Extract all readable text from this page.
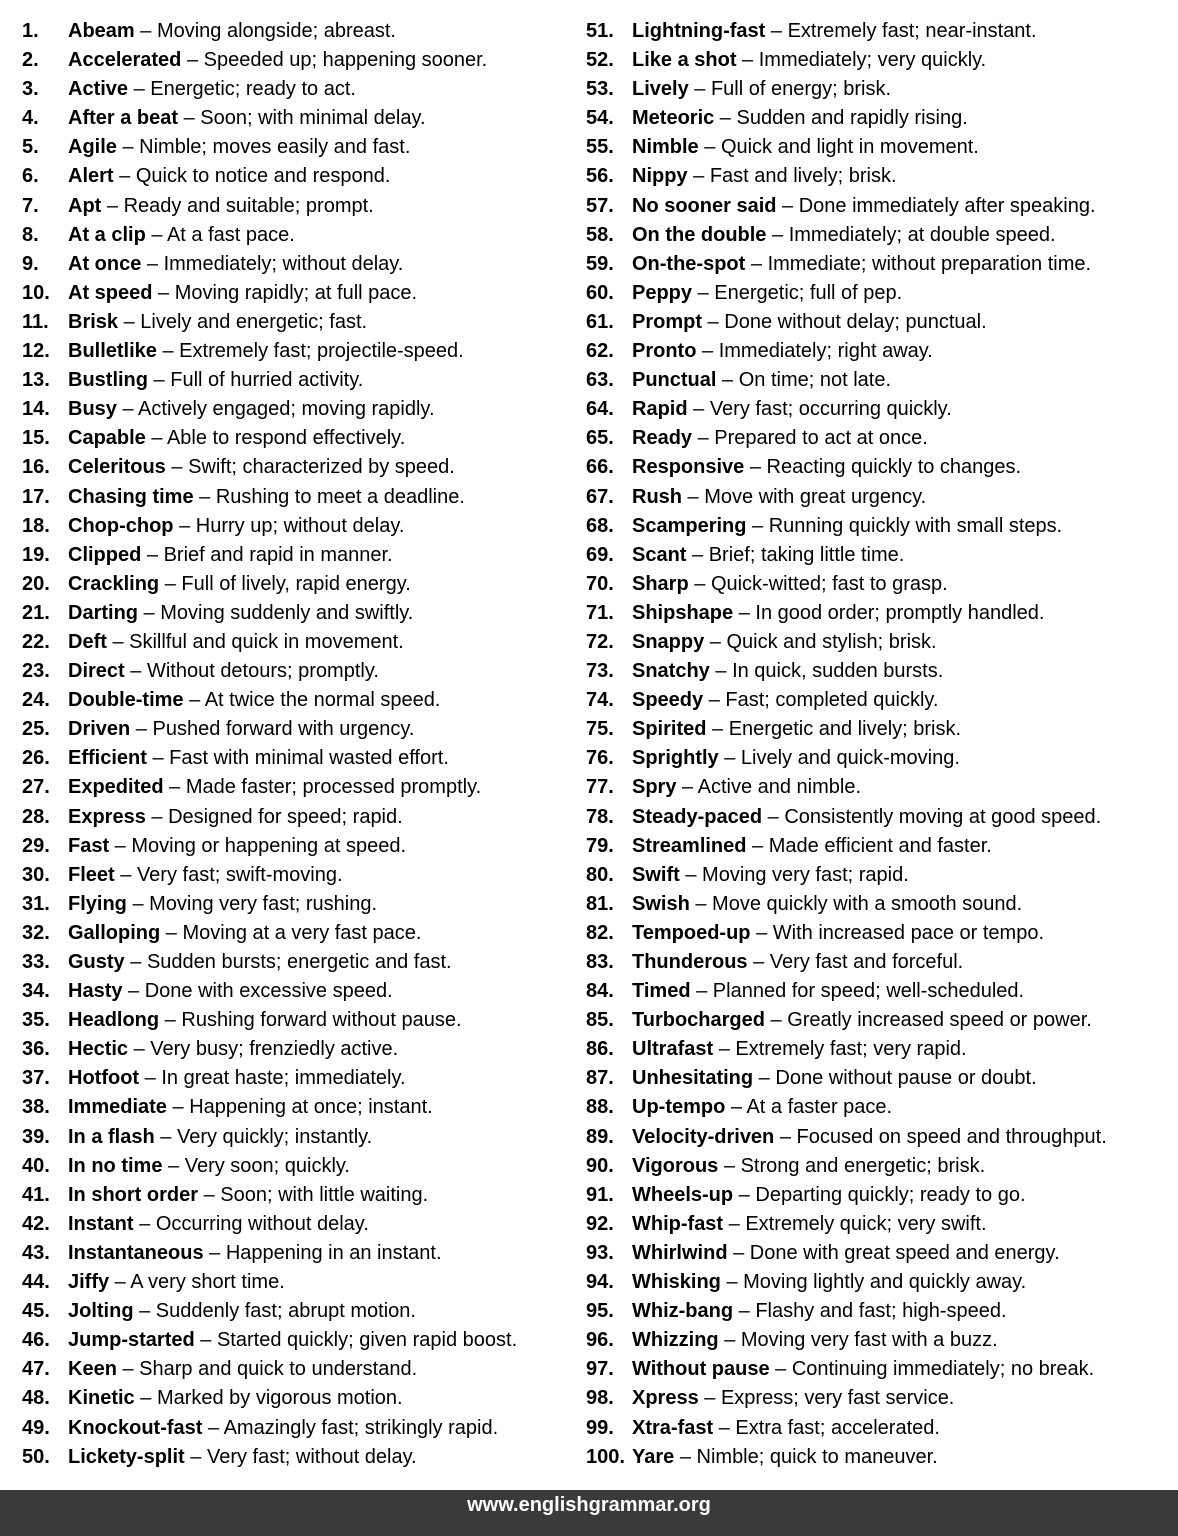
1. Abeam – Moving alongside; abreast.
2. Accelerated – Speeded up; happening sooner.
3. Active – Energetic; ready to act.
4. After a beat – Soon; with minimal delay.
5. Agile – Nimble; moves easily and fast.
6. Alert – Quick to notice and respond.
7. Apt – Ready and suitable; prompt.
8. At a clip – At a fast pace.
9. At once – Immediately; without delay.
10. At speed – Moving rapidly; at full pace.
11. Brisk – Lively and energetic; fast.
12. Bulletlike – Extremely fast; projectile-speed.
13. Bustling – Full of hurried activity.
14. Busy – Actively engaged; moving rapidly.
15. Capable – Able to respond effectively.
16. Celeritous – Swift; characterized by speed.
17. Chasing time – Rushing to meet a deadline.
18. Chop-chop – Hurry up; without delay.
19. Clipped – Brief and rapid in manner.
20. Crackling – Full of lively, rapid energy.
21. Darting – Moving suddenly and swiftly.
22. Deft – Skillful and quick in movement.
23. Direct – Without detours; promptly.
24. Double-time – At twice the normal speed.
25. Driven – Pushed forward with urgency.
26. Efficient – Fast with minimal wasted effort.
27. Expedited – Made faster; processed promptly.
28. Express – Designed for speed; rapid.
29. Fast – Moving or happening at speed.
30. Fleet – Very fast; swift-moving.
31. Flying – Moving very fast; rushing.
32. Galloping – Moving at a very fast pace.
33. Gusty – Sudden bursts; energetic and fast.
34. Hasty – Done with excessive speed.
35. Headlong – Rushing forward without pause.
36. Hectic – Very busy; frenziedly active.
37. Hotfoot – In great haste; immediately.
38. Immediate – Happening at once; instant.
39. In a flash – Very quickly; instantly.
40. In no time – Very soon; quickly.
41. In short order – Soon; with little waiting.
42. Instant – Occurring without delay.
43. Instantaneous – Happening in an instant.
44. Jiffy – A very short time.
45. Jolting – Suddenly fast; abrupt motion.
46. Jump-started – Started quickly; given rapid boost.
47. Keen – Sharp and quick to understand.
48. Kinetic – Marked by vigorous motion.
49. Knockout-fast – Amazingly fast; strikingly rapid.
50. Lickety-split – Very fast; without delay.
51. Lightning-fast – Extremely fast; near-instant.
52. Like a shot – Immediately; very quickly.
53. Lively – Full of energy; brisk.
54. Meteoric – Sudden and rapidly rising.
55. Nimble – Quick and light in movement.
56. Nippy – Fast and lively; brisk.
57. No sooner said – Done immediately after speaking.
58. On the double – Immediately; at double speed.
59. On-the-spot – Immediate; without preparation time.
60. Peppy – Energetic; full of pep.
61. Prompt – Done without delay; punctual.
62. Pronto – Immediately; right away.
63. Punctual – On time; not late.
64. Rapid – Very fast; occurring quickly.
65. Ready – Prepared to act at once.
66. Responsive – Reacting quickly to changes.
67. Rush – Move with great urgency.
68. Scampering – Running quickly with small steps.
69. Scant – Brief; taking little time.
70. Sharp – Quick-witted; fast to grasp.
71. Shipshape – In good order; promptly handled.
72. Snappy – Quick and stylish; brisk.
73. Snatchy – In quick, sudden bursts.
74. Speedy – Fast; completed quickly.
75. Spirited – Energetic and lively; brisk.
76. Sprightly – Lively and quick-moving.
77. Spry – Active and nimble.
78. Steady-paced – Consistently moving at good speed.
79. Streamlined – Made efficient and faster.
80. Swift – Moving very fast; rapid.
81. Swish – Move quickly with a smooth sound.
82. Tempoed-up – With increased pace or tempo.
83. Thunderous – Very fast and forceful.
84. Timed – Planned for speed; well-scheduled.
85. Turbocharged – Greatly increased speed or power.
86. Ultrafast – Extremely fast; very rapid.
87. Unhesitating – Done without pause or doubt.
88. Up-tempo – At a faster pace.
89. Velocity-driven – Focused on speed and throughput.
90. Vigorous – Strong and energetic; brisk.
91. Wheels-up – Departing quickly; ready to go.
92. Whip-fast – Extremely quick; very swift.
93. Whirlwind – Done with great speed and energy.
94. Whisking – Moving lightly and quickly away.
95. Whiz-bang – Flashy and fast; high-speed.
96. Whizzing – Moving very fast with a buzz.
97. Without pause – Continuing immediately; no break.
98. Xpress – Express; very fast service.
99. Xtra-fast – Extra fast; accelerated.
100. Yare – Nimble; quick to maneuver.
www.englishgrammar.org
